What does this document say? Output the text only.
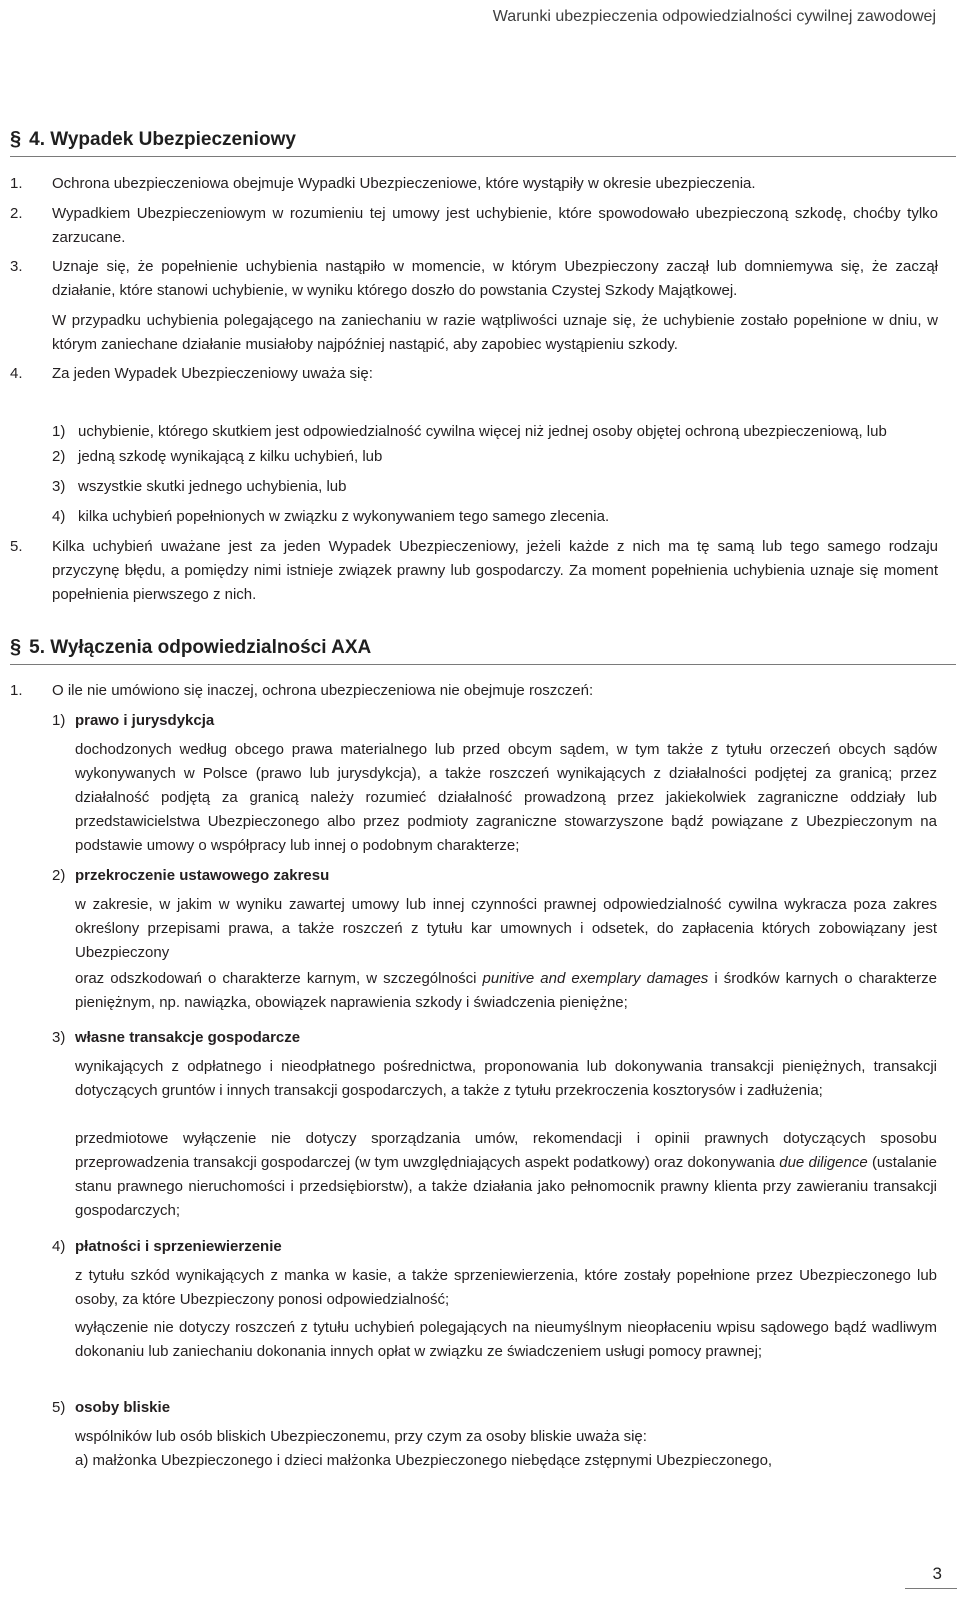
Warunki ubezpieczenia odpowiedzialności cywilnej zawodowej
§ 4. Wypadek Ubezpieczeniowy
1. Ochrona ubezpieczeniowa obejmuje Wypadki Ubezpieczeniowe, które wystąpiły w okresie ubezpieczenia.
2. Wypadkiem Ubezpieczeniowym w rozumieniu tej umowy jest uchybienie, które spowodowało ubezpieczoną szkodę, choćby tylko zarzucane.
3. Uznaje się, że popełnienie uchybienia nastąpiło w momencie, w którym Ubezpieczony zaczął lub domniemywa się, że zaczął działanie, które stanowi uchybienie, w wyniku którego doszło do powstania Czystej Szkody Majątkowej.
W przypadku uchybienia polegającego na zaniechaniu w razie wątpliwości uznaje się, że uchybienie zostało popełnione w dniu, w którym zaniechane działanie musiałoby najpóźniej nastąpić, aby zapobiec wystąpieniu szkody.
4. Za jeden Wypadek Ubezpieczeniowy uważa się:
1) uchybienie, którego skutkiem jest odpowiedzialność cywilna więcej niż jednej osoby objętej ochroną ubezpieczeniową, lub
2) jedną szkodę wynikającą z kilku uchybień, lub
3) wszystkie skutki jednego uchybienia, lub
4) kilka uchybień popełnionych w związku z wykonywaniem tego samego zlecenia.
5. Kilka uchybień uważane jest za jeden Wypadek Ubezpieczeniowy, jeżeli każde z nich ma tę samą lub tego samego rodzaju przyczynę błędu, a pomiędzy nimi istnieje związek prawny lub gospodarczy. Za moment popełnienia uchybienia uznaje się moment popełnienia pierwszego z nich.
§ 5. Wyłączenia odpowiedzialności AXA
1. O ile nie umówiono się inaczej, ochrona ubezpieczeniowa nie obejmuje roszczeń:
1) prawo i jurysdykcja
dochodzonych według obcego prawa materialnego lub przed obcym sądem, w tym także z tytułu orzeczeń obcych sądów wykonywanych w Polsce (prawo lub jurysdykcja), a także roszczeń wynikających z działalności podjętej za granicą; przez działalność podjętą za granicą należy rozumieć działalność prowadzoną przez jakiekolwiek zagraniczne oddziały lub przedstawicielstwa Ubezpieczonego albo przez podmioty zagraniczne stowarzyszone bądź powiązane z Ubezpieczonym na podstawie umowy o współpracy lub innej o podobnym charakterze;
2) przekroczenie ustawowego zakresu
w zakresie, w jakim w wyniku zawartej umowy lub innej czynności prawnej odpowiedzialność cywilna wykracza poza zakres określony przepisami prawa, a także roszczeń z tytułu kar umownych i odsetek, do zapłacenia których zobowiązany jest Ubezpieczony
oraz odszkodowań o charakterze karnym, w szczególności punitive and exemplary damages i środków karnych o charakterze pieniężnym, np. nawiązka, obowiązek naprawienia szkody i świadczenia pieniężne;
3) własne transakcje gospodarcze
wynikających z odpłatnego i nieodpłatnego pośrednictwa, proponowania lub dokonywania transakcji pieniężnych, transakcji dotyczących gruntów i innych transakcji gospodarczych, a także z tytułu przekroczenia kosztorysów i zadłużenia;
przedmiotowe wyłączenie nie dotyczy sporządzania umów, rekomendacji i opinii prawnych dotyczących sposobu przeprowadzenia transakcji gospodarczej (w tym uwzględniających aspekt podatkowy) oraz dokonywania due diligence (ustalanie stanu prawnego nieruchomości i przedsiębiorstw), a także działania jako pełnomocnik prawny klienta przy zawieraniu transakcji gospodarczych;
4) płatności i sprzeniewierzenie
z tytułu szkód wynikających z manka w kasie, a także sprzeniewierzenia, które zostały popełnione przez Ubezpieczonego lub osoby, za które Ubezpieczony ponosi odpowiedzialność;
wyłączenie nie dotyczy roszczeń z tytułu uchybień polegających na nieumyślnym nieopłaceniu wpisu sądowego bądź wadliwym dokonaniu lub zaniechaniu dokonania innych opłat w związku ze świadczeniem usługi pomocy prawnej;
5) osoby bliskie
wspólników lub osób bliskich Ubezpieczonemu, przy czym za osoby bliskie uważa się:
a) małżonka Ubezpieczonego i dzieci małżonka Ubezpieczonego niebędące zstępnymi Ubezpieczonego,
3
